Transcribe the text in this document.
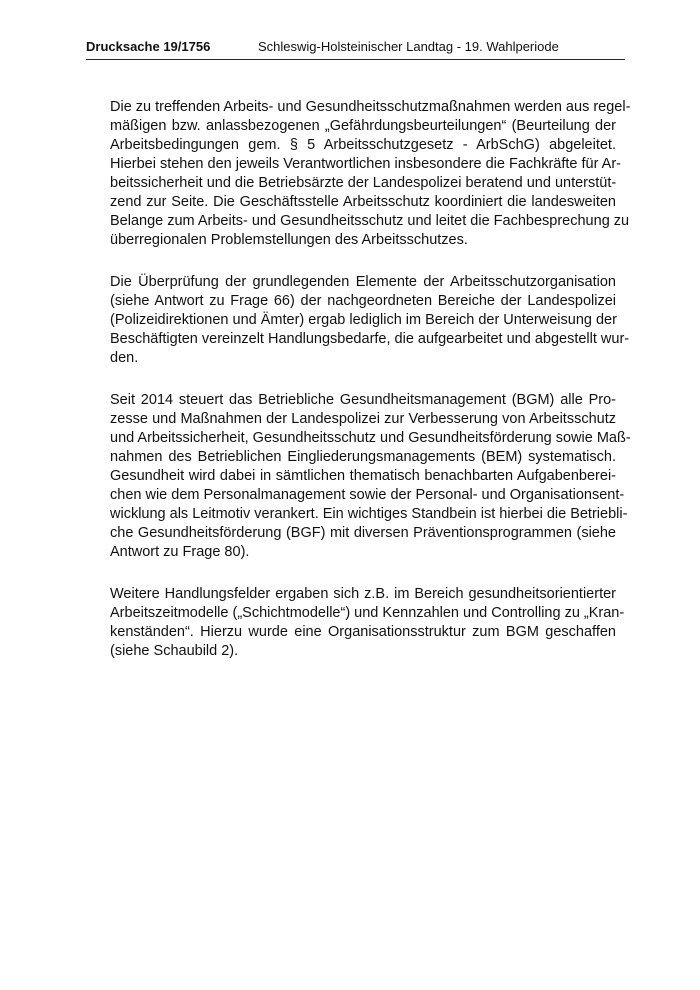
Drucksache 19/1756	Schleswig-Holsteinischer Landtag - 19. Wahlperiode

Die zu treffenden Arbeits- und Gesundheitsschutzmaßnahmen werden aus regel-
mäßigen bzw. anlassbezogenen „Gefährdungsbeurteilungen“ (Beurteilung der
Arbeitsbedingungen gem. § 5 Arbeitsschutzgesetz - ArbSchG) abgeleitet.
Hierbei stehen den jeweils Verantwortlichen insbesondere die Fachkräfte für Ar-
beitssicherheit und die Betriebsärzte der Landespolizei beratend und unterstüt-
zend zur Seite. Die Geschäftsstelle Arbeitsschutz koordiniert die landesweiten
Belange zum Arbeits- und Gesundheitsschutz und leitet die Fachbesprechung zu
überregionalen Problemstellungen des Arbeitsschutzes.

Die Überprüfung der grundlegenden Elemente der Arbeitsschutzorganisation
(siehe Antwort zu Frage 66) der nachgeordneten Bereiche der Landespolizei
(Polizeidirektionen und Ämter) ergab lediglich im Bereich der Unterweisung der
Beschäftigten vereinzelt Handlungsbedarfe, die aufgearbeitet und abgestellt wur-
den.

Seit 2014 steuert das Betriebliche Gesundheitsmanagement (BGM) alle Pro-
zesse und Maßnahmen der Landespolizei zur Verbesserung von Arbeitsschutz
und Arbeitssicherheit, Gesundheitsschutz und Gesundheitsförderung sowie Maß-
nahmen des Betrieblichen Eingliederungsmanagements (BEM) systematisch.
Gesundheit wird dabei in sämtlichen thematisch benachbarten Aufgabenberei-
chen wie dem Personalmanagement sowie der Personal- und Organisationsent-
wicklung als Leitmotiv verankert. Ein wichtiges Standbein ist hierbei die Betriebli-
che Gesundheitsförderung (BGF) mit diversen Präventionsprogrammen (siehe
Antwort zu Frage 80).

Weitere Handlungsfelder ergaben sich z.B. im Bereich gesundheitsorientierter
Arbeitszeitmodelle („Schichtmodelle“) und Kennzahlen und Controlling zu „Kran-
kenständen“. Hierzu wurde eine Organisationsstruktur zum BGM geschaffen
(siehe Schaubild 2).
